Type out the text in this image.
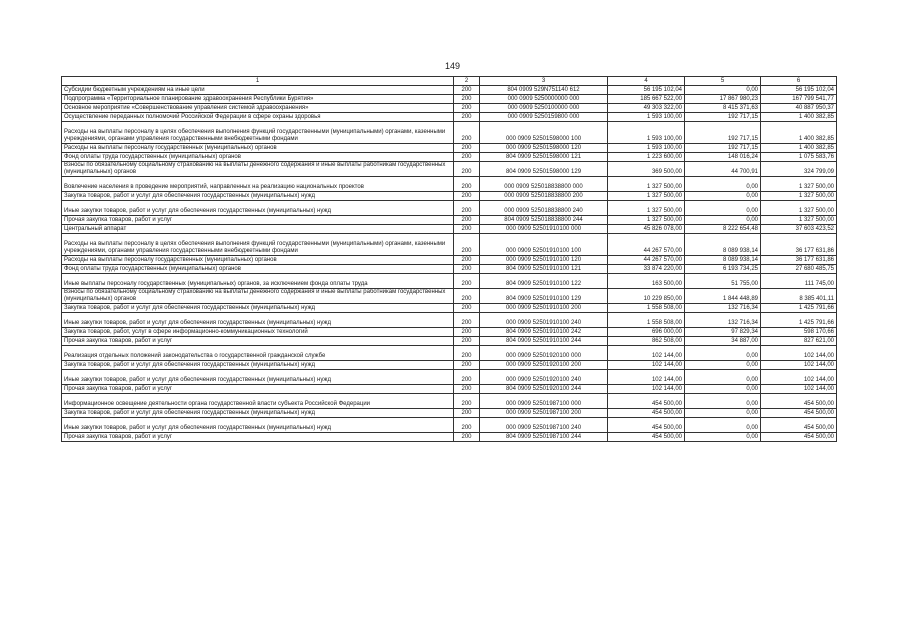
149
1	2	3	4	5	6
Субсидии бюджетным учреждениям на иные цели	200	804 0909 529N751140 612	56 195 102,04	0,00	56 195 102,04
Подпрограмма «Территориальное планирование здравоохранения Республики Бурятия»	200	000 0909 5250000000 000	185 667 522,00	17 867 980,23	167 799 541,77
Основное мероприятие «Совершенствование управления системой здравоохранения»	200	000 0909 5250100000 000	49 303 322,00	8 415 371,63	40 887 950,37
Осуществление переданных полномочий Российской Федерации в сфере охраны здоровья	200	000 0909 5250159800 000	1 593 100,00	192 717,15	1 400 382,85
Расходы на выплаты персоналу в целях обеспечения выполнения функций государственными (муниципальными) органами, казенными учреждениями, органами управления государственными внебюджетными фондами	200	000 0909 52501598000 100	1 593 100,00	192 717,15	1 400 382,85
Расходы на выплаты персоналу государственных (муниципальных) органов	200	000 0909 52501598000 120	1 593 100,00	192 717,15	1 400 382,85
Фонд оплаты труда государственных (муниципальных) органов	200	804 0909 52501598000 121	1 223 600,00	148 016,24	1 075 583,76
Взносы по обязательному социальному страхованию на выплаты денежного содержания и иные выплаты работникам государственных (муниципальных) органов	200	804 0909 52501598000 129	369 500,00	44 700,91	324 799,09
Вовлечение населения в проведение мероприятий, направленных на реализацию национальных проектов	200	000 0909 525018838800 000	1 327 500,00	0,00	1 327 500,00
Закупка товаров, работ и услуг для обеспечения государственных (муниципальных) нужд	200	000 0909 525018838800 200	1 327 500,00	0,00	1 327 500,00
Иные закупки товаров, работ и услуг для обеспечения государственных (муниципальных) нужд	200	000 0909 525018838800 240	1 327 500,00	0,00	1 327 500,00
Прочая закупка товаров, работ и услуг	200	804 0909 525018838800 244	1 327 500,00	0,00	1 327 500,00
Центральный аппарат	200	000 0909 52501910100 000	45 826 078,00	8 222 654,48	37 603 423,52
Расходы на выплаты персоналу в целях обеспечения выполнения функций государственными (муниципальными) органами, казенными учреждениями, органами управления государственными внебюджетными фондами	200	000 0909 52501910100 100	44 267 570,00	8 089 938,14	36 177 631,86
Расходы на выплаты персоналу государственных (муниципальных) органов	200	000 0909 52501910100 120	44 267 570,00	8 089 938,14	36 177 631,86
Фонд оплаты труда государственных (муниципальных) органов	200	804 0909 52501910100 121	33 874 220,00	6 193 734,25	27 680 485,75
Иные выплаты персоналу государственных (муниципальных) органов, за исключением фонда оплаты труда	200	804 0909 52501910100 122	163 500,00	51 755,00	111 745,00
Взносы по обязательному социальному страхованию на выплаты денежного содержания и иные выплаты работникам государственных (муниципальных) органов	200	804 0909 52501910100 129	10 229 850,00	1 844 448,89	8 385 401,11
Закупка товаров, работ и услуг для обеспечения государственных (муниципальных) нужд	200	000 0909 52501910100 200	1 558 508,00	132 716,34	1 425 791,66
Иные закупки товаров, работ и услуг для обеспечения государственных (муниципальных) нужд	200	000 0909 52501910100 240	1 558 508,00	132 716,34	1 425 791,66
Закупка товаров, работ, услуг в сфере информационно-коммуникационных технологий	200	804 0909 52501910100 242	696 000,00	97 829,34	598 170,66
Прочая закупка товаров, работ и услуг	200	804 0909 52501910100 244	862 508,00	34 887,00	827 621,00
Реализация отдельных положений законодательства о государственной гражданской службе	200	000 0909 52501920100 000	102 144,00	0,00	102 144,00
Закупка товаров, работ и услуг для обеспечения государственных (муниципальных) нужд	200	000 0909 52501920100 200	102 144,00	0,00	102 144,00
Иные закупки товаров, работ и услуг для обеспечения государственных (муниципальных) нужд	200	000 0909 52501920100 240	102 144,00	0,00	102 144,00
Прочая закупка товаров, работ и услуг	200	804 0909 52501920100 244	102 144,00	0,00	102 144,00
Информационное освещение деятельности органа государственной власти субъекта Российской Федерации	200	000 0909 52501987100 000	454 500,00	0,00	454 500,00
Закупка товаров, работ и услуг для обеспечения государственных (муниципальных) нужд	200	000 0909 52501987100 200	454 500,00	0,00	454 500,00
Иные закупки товаров, работ и услуг для обеспечения государственных (муниципальных) нужд	200	000 0909 52501987100 240	454 500,00	0,00	454 500,00
Прочая закупка товаров, работ и услуг	200	804 0909 52501987100 244	454 500,00	0,00	454 500,00
